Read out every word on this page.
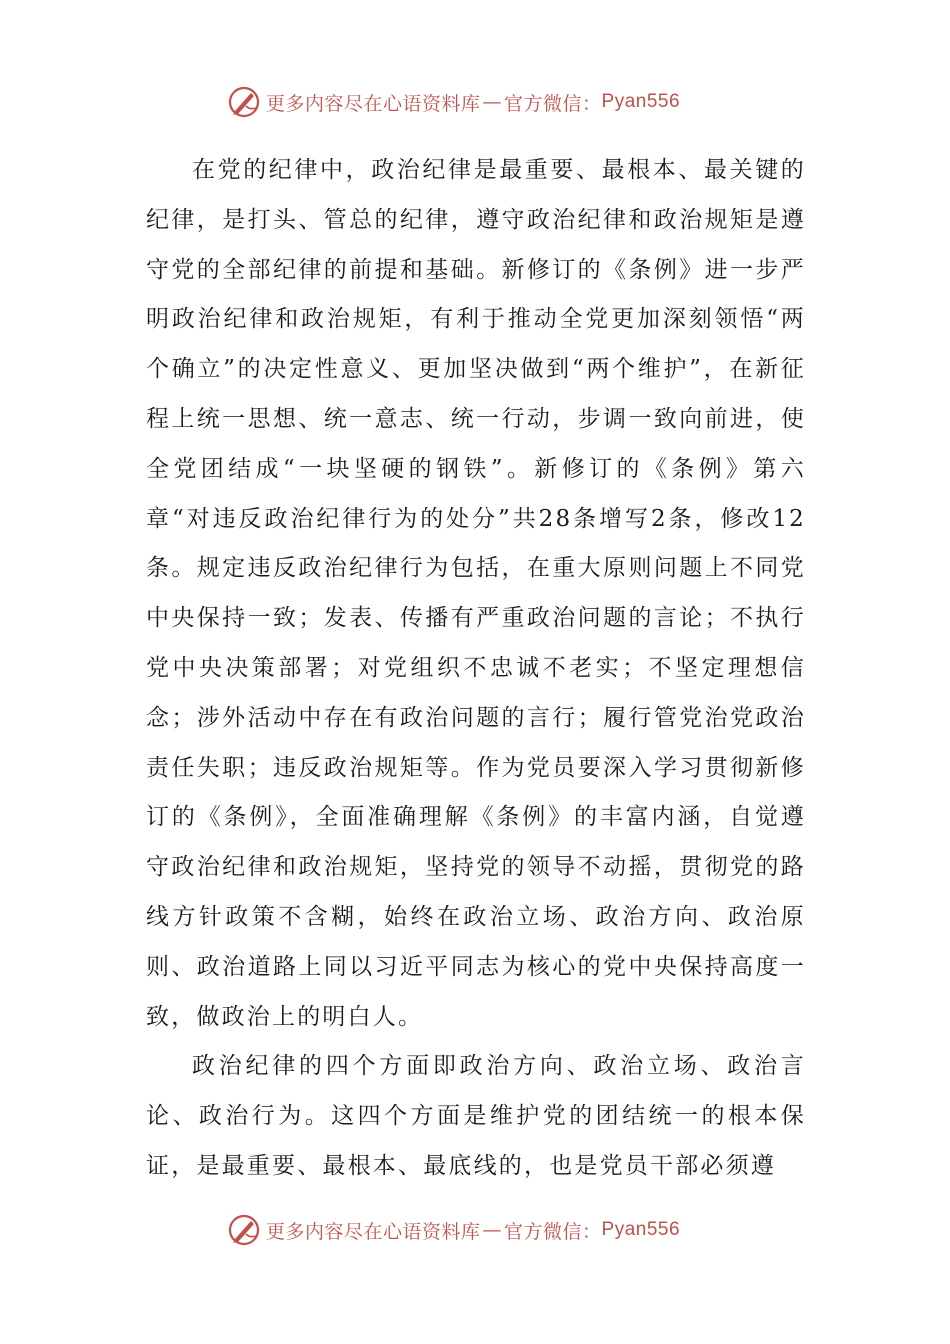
更多内容尽在心语资料库 — 官方微信： Pyan556

在党的纪律中，政治纪律是最重要、最根本、最关键的纪律，是打头、管总的纪律，遵守政治纪律和政治规矩是遵守党的全部纪律的前提和基础。新修订的《条例》进一步严明政治纪律和政治规矩，有利于推动全党更加深刻领悟“两个确立”的决定性意义、更加坚决做到“两个维护”，在新征程上统一思想、统一意志、统一行动，步调一致向前进，使全党团结成“一块坚硬的钢铁”。新修订的《条例》第六章“对违反政治纪律行为的处分”共28条增写2条，修改12条。规定违反政治纪律行为包括，在重大原则问题上不同党中央保持一致；发表、传播有严重政治问题的言论；不执行党中央决策部署；对党组织不忠诚不老实；不坚定理想信念；涉外活动中存在有政治问题的言行；履行管党治党政治责任失职；违反政治规矩等。作为党员要深入学习贯彻新修订的《条例》，全面准确理解《条例》的丰富内涵，自觉遵守政治纪律和政治规矩，坚持党的领导不动摇，贯彻党的路线方针政策不含糊，始终在政治立场、政治方向、政治原则、政治道路上同以习近平同志为核心的党中央保持高度一致，做政治上的明白人。

政治纪律的四个方面即政治方向、政治立场、政治言论、政治行为。这四个方面是维护党的团结统一的根本保证，是最重要、最根本、最底线的，也是党员干部必须遵

更多内容尽在心语资料库 — 官方微信： Pyan556
